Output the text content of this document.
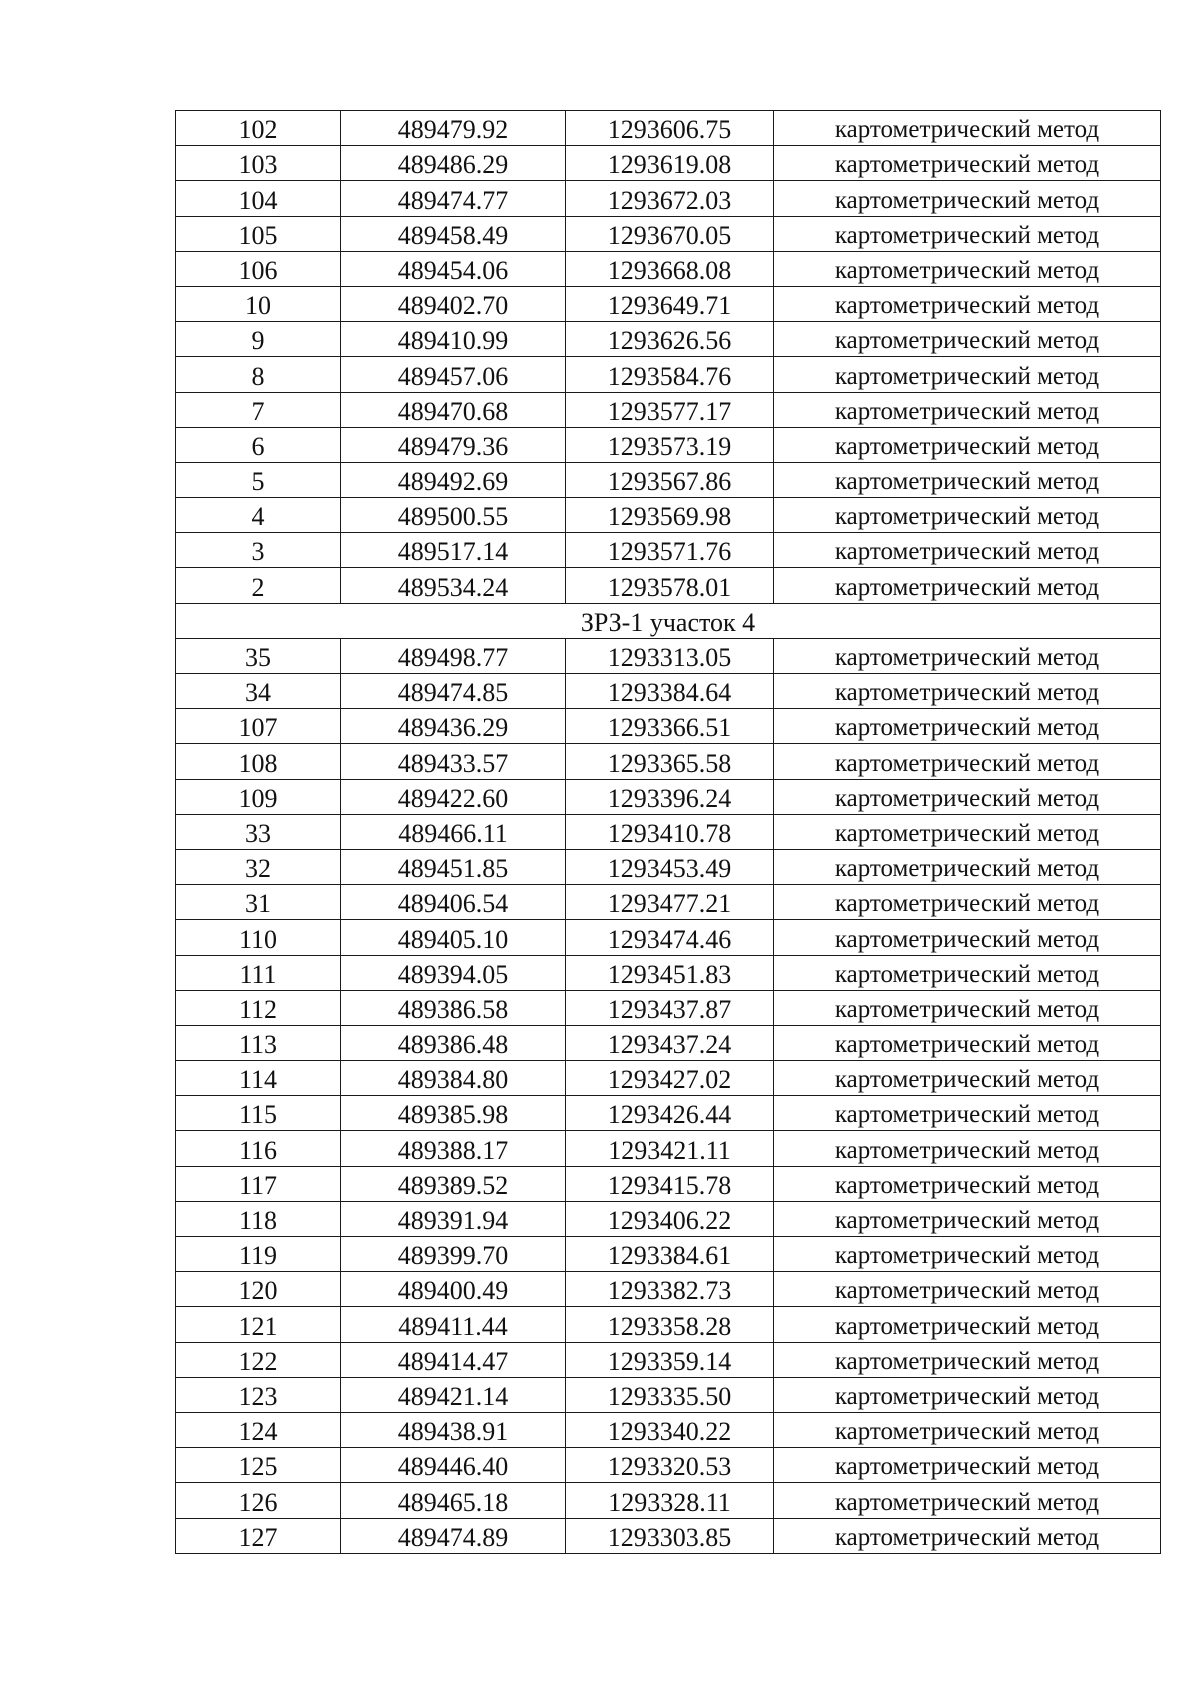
102	489479.92	1293606.75	картометрический метод
103	489486.29	1293619.08	картометрический метод
104	489474.77	1293672.03	картометрический метод
105	489458.49	1293670.05	картометрический метод
106	489454.06	1293668.08	картометрический метод
10	489402.70	1293649.71	картометрический метод
9	489410.99	1293626.56	картометрический метод
8	489457.06	1293584.76	картометрический метод
7	489470.68	1293577.17	картометрический метод
6	489479.36	1293573.19	картометрический метод
5	489492.69	1293567.86	картометрический метод
4	489500.55	1293569.98	картометрический метод
3	489517.14	1293571.76	картометрический метод
2	489534.24	1293578.01	картометрический метод
ЗРЗ-1 участок 4			
35	489498.77	1293313.05	картометрический метод
34	489474.85	1293384.64	картометрический метод
107	489436.29	1293366.51	картометрический метод
108	489433.57	1293365.58	картометрический метод
109	489422.60	1293396.24	картометрический метод
33	489466.11	1293410.78	картометрический метод
32	489451.85	1293453.49	картометрический метод
31	489406.54	1293477.21	картометрический метод
110	489405.10	1293474.46	картометрический метод
111	489394.05	1293451.83	картометрический метод
112	489386.58	1293437.87	картометрический метод
113	489386.48	1293437.24	картометрический метод
114	489384.80	1293427.02	картометрический метод
115	489385.98	1293426.44	картометрический метод
116	489388.17	1293421.11	картометрический метод
117	489389.52	1293415.78	картометрический метод
118	489391.94	1293406.22	картометрический метод
119	489399.70	1293384.61	картометрический метод
120	489400.49	1293382.73	картометрический метод
121	489411.44	1293358.28	картометрический метод
122	489414.47	1293359.14	картометрический метод
123	489421.14	1293335.50	картометрический метод
124	489438.91	1293340.22	картометрический метод
125	489446.40	1293320.53	картометрический метод
126	489465.18	1293328.11	картометрический метод
127	489474.89	1293303.85	картометрический метод
